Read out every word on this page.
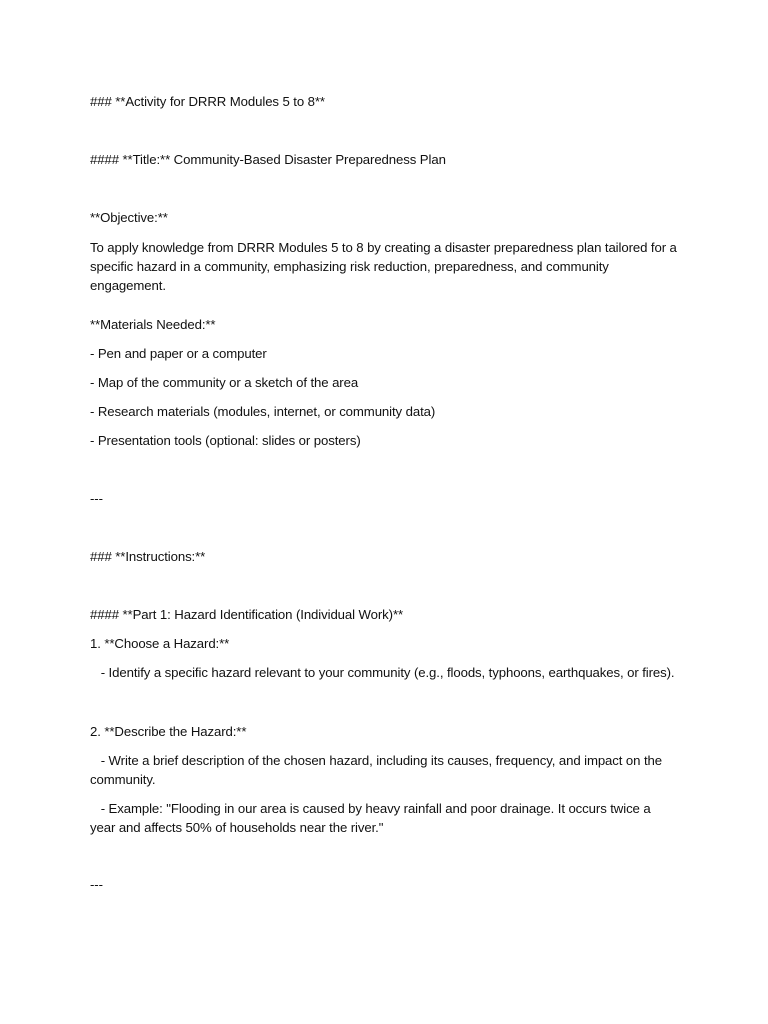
### **Activity for DRRR Modules 5 to 8**
#### **Title:** Community-Based Disaster Preparedness Plan
**Objective:**
To apply knowledge from DRRR Modules 5 to 8 by creating a disaster preparedness plan tailored for a specific hazard in a community, emphasizing risk reduction, preparedness, and community engagement.
**Materials Needed:**
- Pen and paper or a computer
- Map of the community or a sketch of the area
- Research materials (modules, internet, or community data)
- Presentation tools (optional: slides or posters)
---
### **Instructions:**
#### **Part 1: Hazard Identification (Individual Work)**
1. **Choose a Hazard:**
- Identify a specific hazard relevant to your community (e.g., floods, typhoons, earthquakes, or fires).
2. **Describe the Hazard:**
- Write a brief description of the chosen hazard, including its causes, frequency, and impact on the community.
- Example: "Flooding in our area is caused by heavy rainfall and poor drainage. It occurs twice a year and affects 50% of households near the river."
---
